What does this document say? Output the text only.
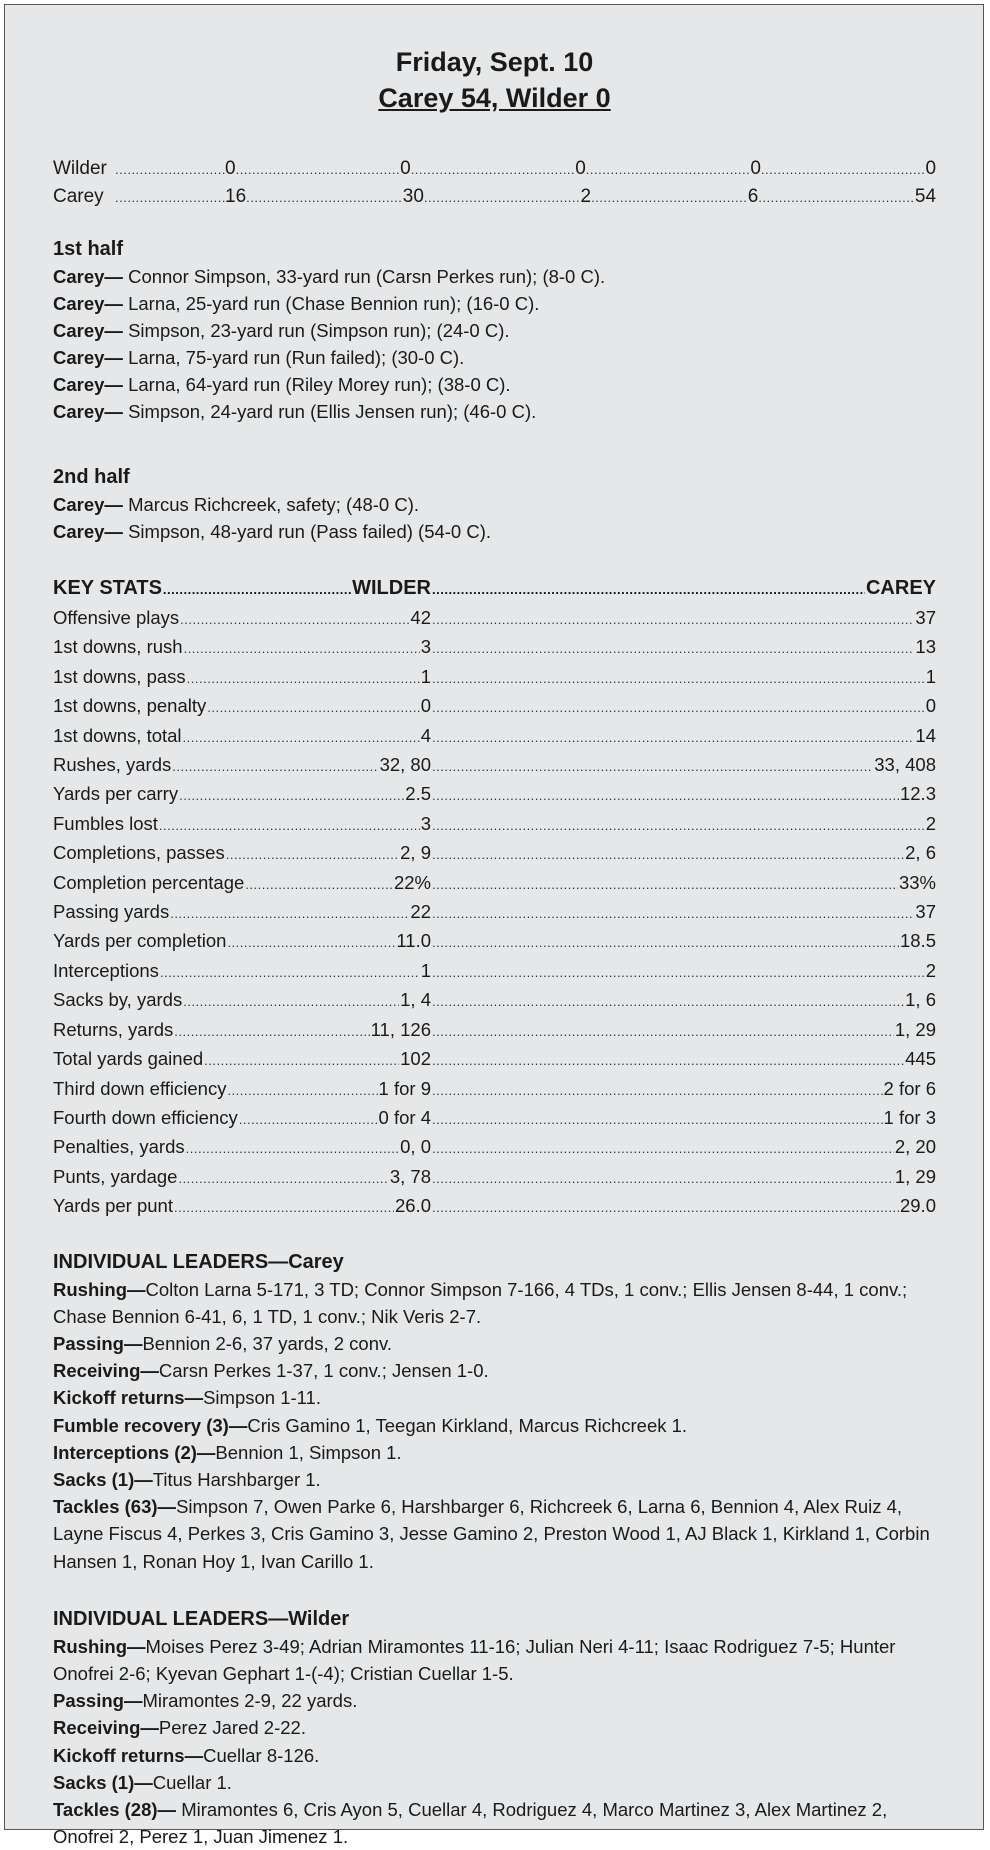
Friday, Sept. 10
Carey 54, Wilder 0
Wilder .....	0 .....	0 .....	0 .....	0 .....	0
Carey .....	16 .....	30 .....	2 .....	6 .....	54
1st half
Carey— Connor Simpson, 33-yard run (Carsn Perkes run); (8-0 C).
Carey— Larna, 25-yard run (Chase Bennion run); (16-0 C).
Carey— Simpson, 23-yard run (Simpson run); (24-0 C).
Carey— Larna, 75-yard run (Run failed); (30-0 C).
Carey— Larna, 64-yard run (Riley Morey run); (38-0 C).
Carey— Simpson, 24-yard run (Ellis Jensen run); (46-0 C).
2nd half
Carey— Marcus Richcreek, safety; (48-0 C).
Carey— Simpson, 48-yard run (Pass failed) (54-0 C).
KEY STATS .....	WILDER .....	CAREY
Offensive plays .....	42 .....	37
1st downs, rush .....	3 .....	13
1st downs, pass .....	1 .....	1
1st downs, penalty .....	0 .....	0
1st downs, total .....	4 .....	14
Rushes, yards .....	32, 80 .....	33, 408
Yards per carry .....	2.5 .....	12.3
Fumbles lost .....	3 .....	2
Completions, passes .....	2, 9 .....	2, 6
Completion percentage .....	22% .....	33%
Passing yards .....	22 .....	37
Yards per completion .....	11.0 .....	18.5
Interceptions .....	1 .....	2
Sacks by, yards .....	1, 4 .....	1, 6
Returns, yards .....	11, 126 .....	1, 29
Total yards gained .....	102 .....	445
Third down efficiency .....	1 for 9 .....	2 for 6
Fourth down efficiency .....	0 for 4 .....	1 for 3
Penalties, yards .....	0, 0 .....	2, 20
Punts, yardage .....	3, 78 .....	1, 29
Yards per punt .....	26.0 .....	29.0
INDIVIDUAL LEADERS—Carey
Rushing—Colton Larna 5-171, 3 TD; Connor Simpson 7-166, 4 TDs, 1 conv.; Ellis Jensen 8-44, 1 conv.; Chase Bennion 6-41, 6, 1 TD, 1 conv.; Nik Veris 2-7.
Passing—Bennion 2-6, 37 yards, 2 conv.
Receiving—Carsn Perkes 1-37, 1 conv.; Jensen 1-0.
Kickoff returns—Simpson 1-11.
Fumble recovery (3)—Cris Gamino 1, Teegan Kirkland, Marcus Richcreek 1.
Interceptions (2)—Bennion 1, Simpson 1.
Sacks (1)—Titus Harshbarger 1.
Tackles (63)—Simpson 7, Owen Parke 6, Harshbarger 6, Richcreek 6, Larna 6, Bennion 4, Alex Ruiz 4, Layne Fiscus 4, Perkes 3, Cris Gamino 3, Jesse Gamino 2, Preston Wood 1, AJ Black 1, Kirkland 1, Corbin Hansen 1, Ronan Hoy 1, Ivan Carillo 1.
INDIVIDUAL LEADERS—Wilder
Rushing—Moises Perez 3-49; Adrian Miramontes 11-16; Julian Neri 4-11; Isaac Rodriguez 7-5; Hunter Onofrei 2-6; Kyevan Gephart 1-(-4); Cristian Cuellar 1-5.
Passing—Miramontes 2-9, 22 yards.
Receiving—Perez Jared 2-22.
Kickoff returns—Cuellar 8-126.
Sacks (1)—Cuellar 1.
Tackles (28)— Miramontes 6, Cris Ayon 5, Cuellar 4, Rodriguez 4, Marco Martinez 3, Alex Martinez 2, Onofrei 2, Perez 1, Juan Jimenez 1.
